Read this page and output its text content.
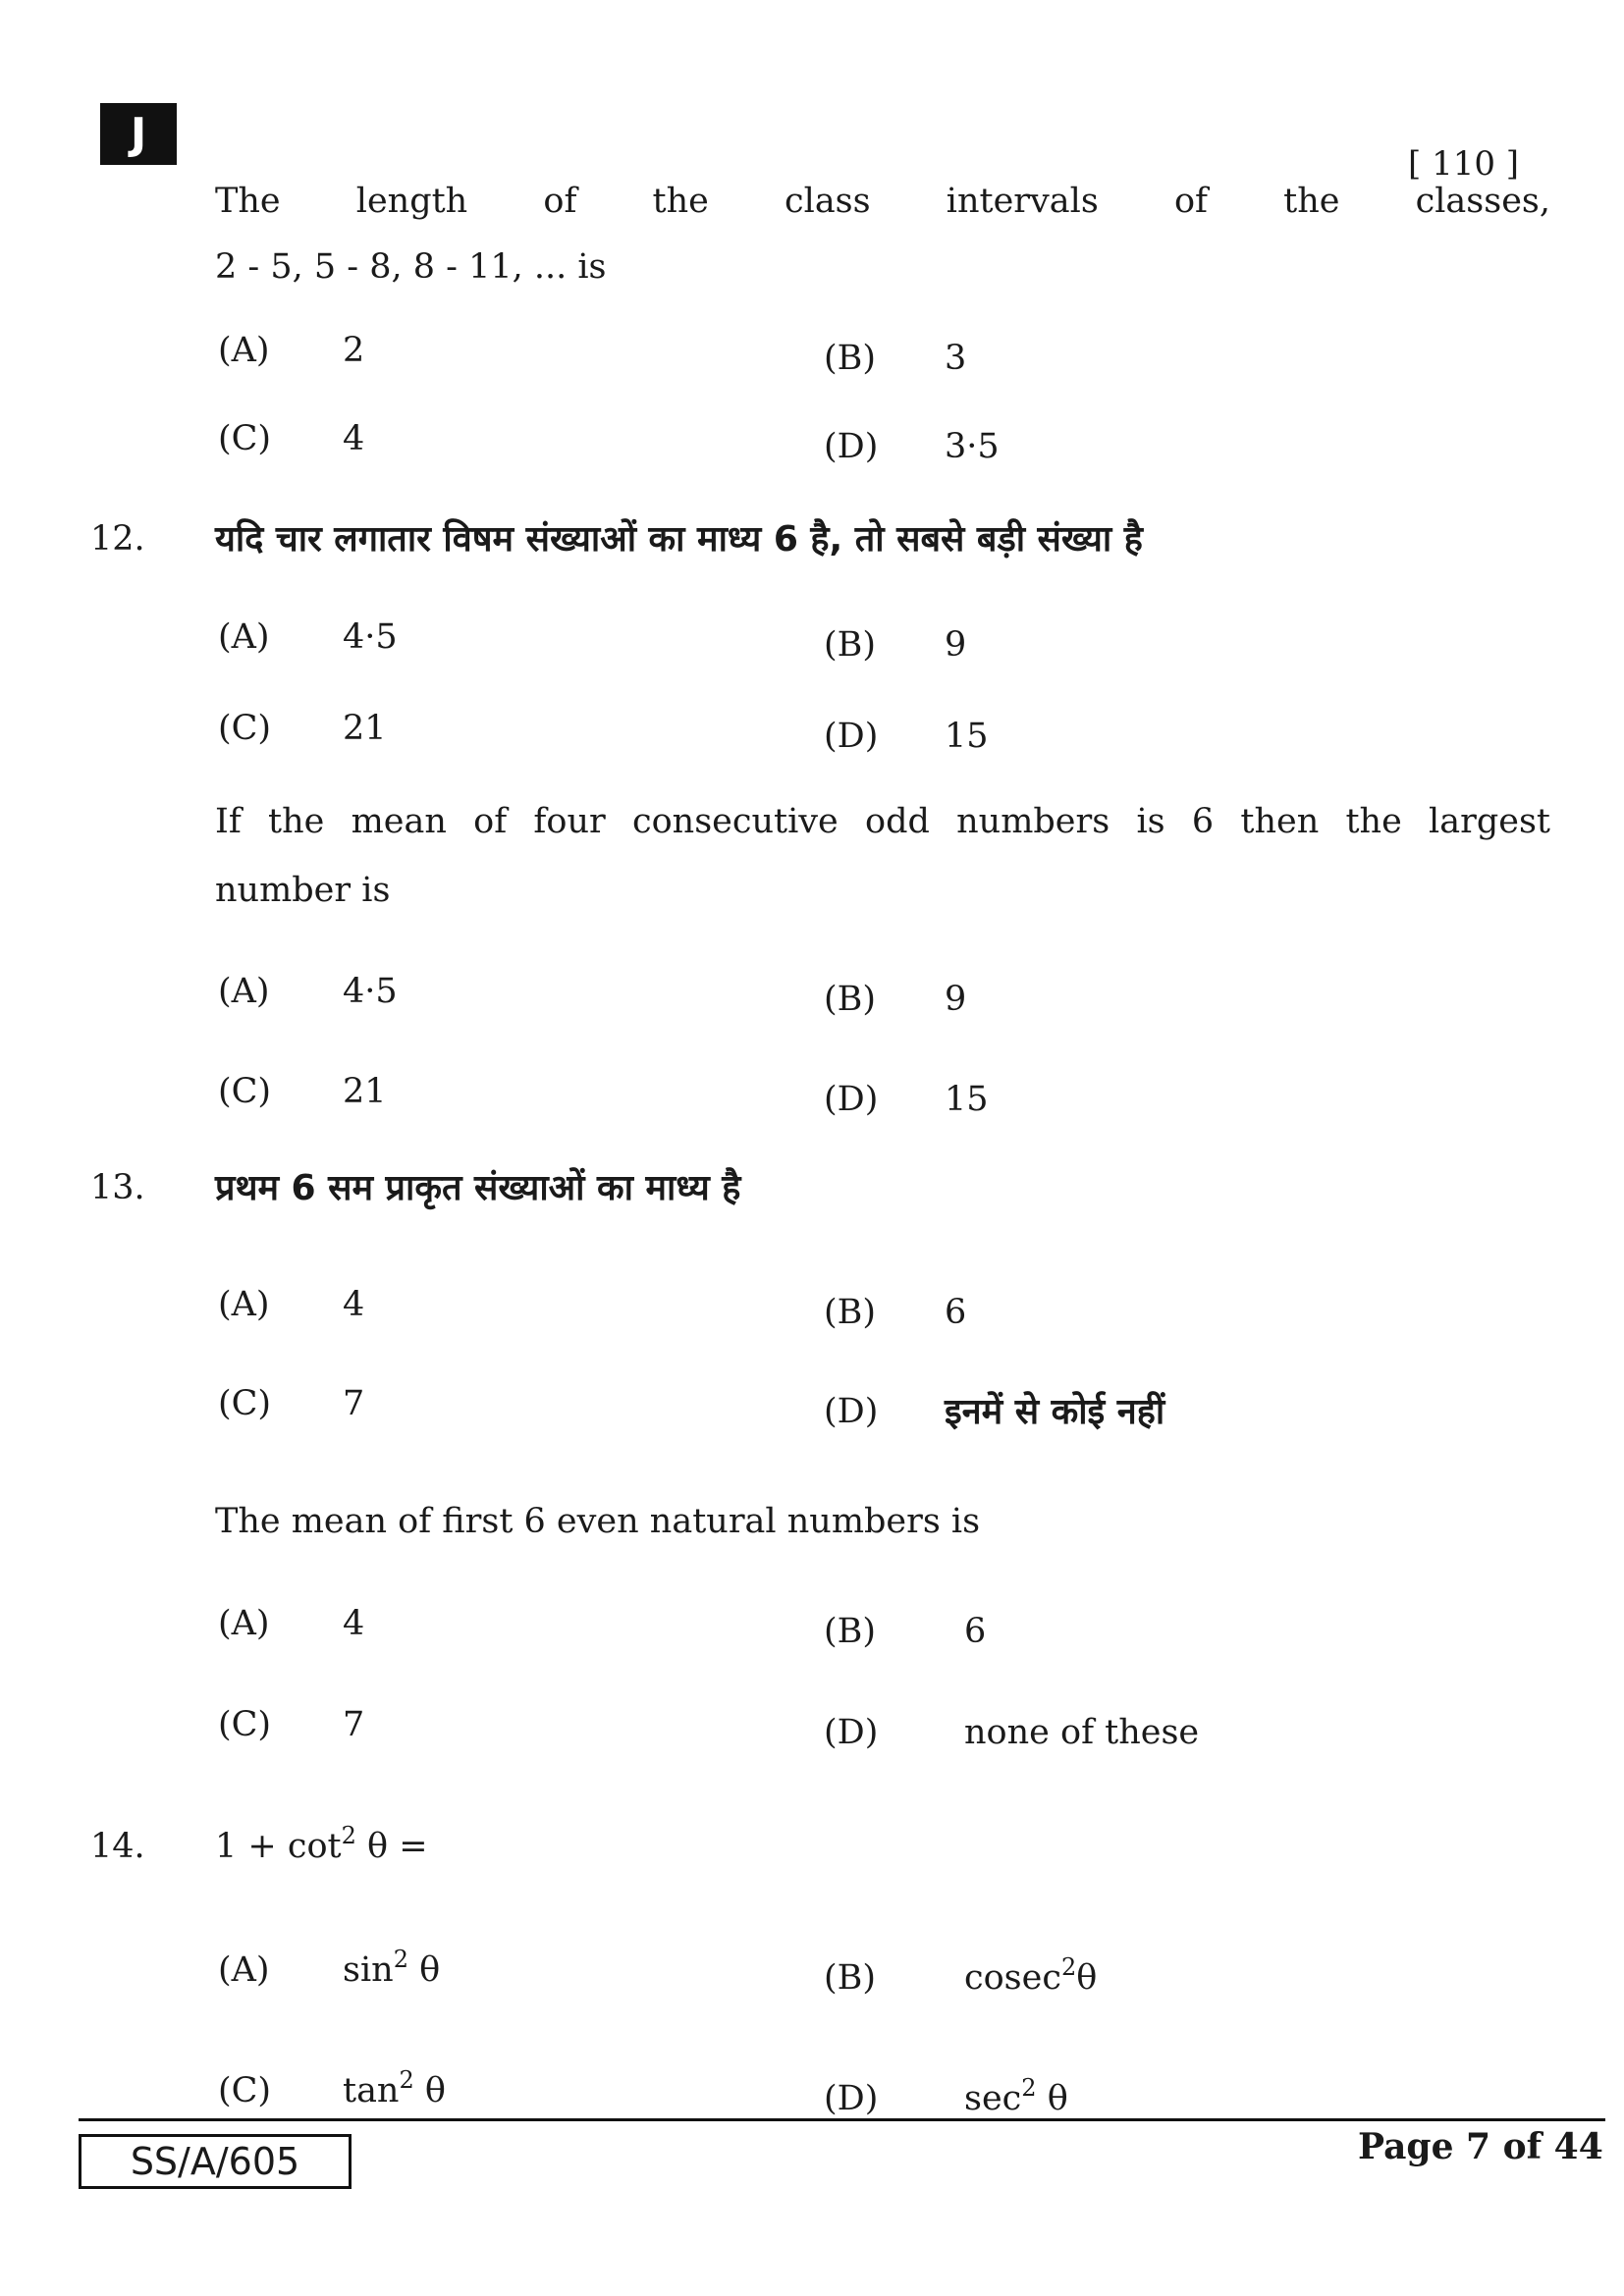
J
[ 110 ]
The length of the class intervals of the classes,
2 - 5, 5 - 8, 8 - 11, ... is
(A) 2	(B) 3
(C) 4	(D) 3·5
12. यदि चार लगातार विषम संख्याओं का माध्य 6 है, तो सबसे बड़ी संख्या है
(A) 4·5	(B) 9
(C) 21	(D) 15
If the mean of four consecutive odd numbers is 6 then the largest
number is
(A) 4·5	(B) 9
(C) 21	(D) 15
13. प्रथम 6 सम प्राकृत संख्याओं का माध्य है
(A) 4	(B) 6
(C) 7	(D) इनमें से कोई नहीं
The mean of first 6 even natural numbers is
(A) 4	(B)	6
(C) 7	(D)	none of these
14. $1 + \cot^2 \theta$ =
(A) $\sin^2 \theta$	(B)	cosec$^2$θ
(C) $\tan^2 \theta$	(D)	$\sec^2 \theta$
SS/A/605	Page 7 of 44
